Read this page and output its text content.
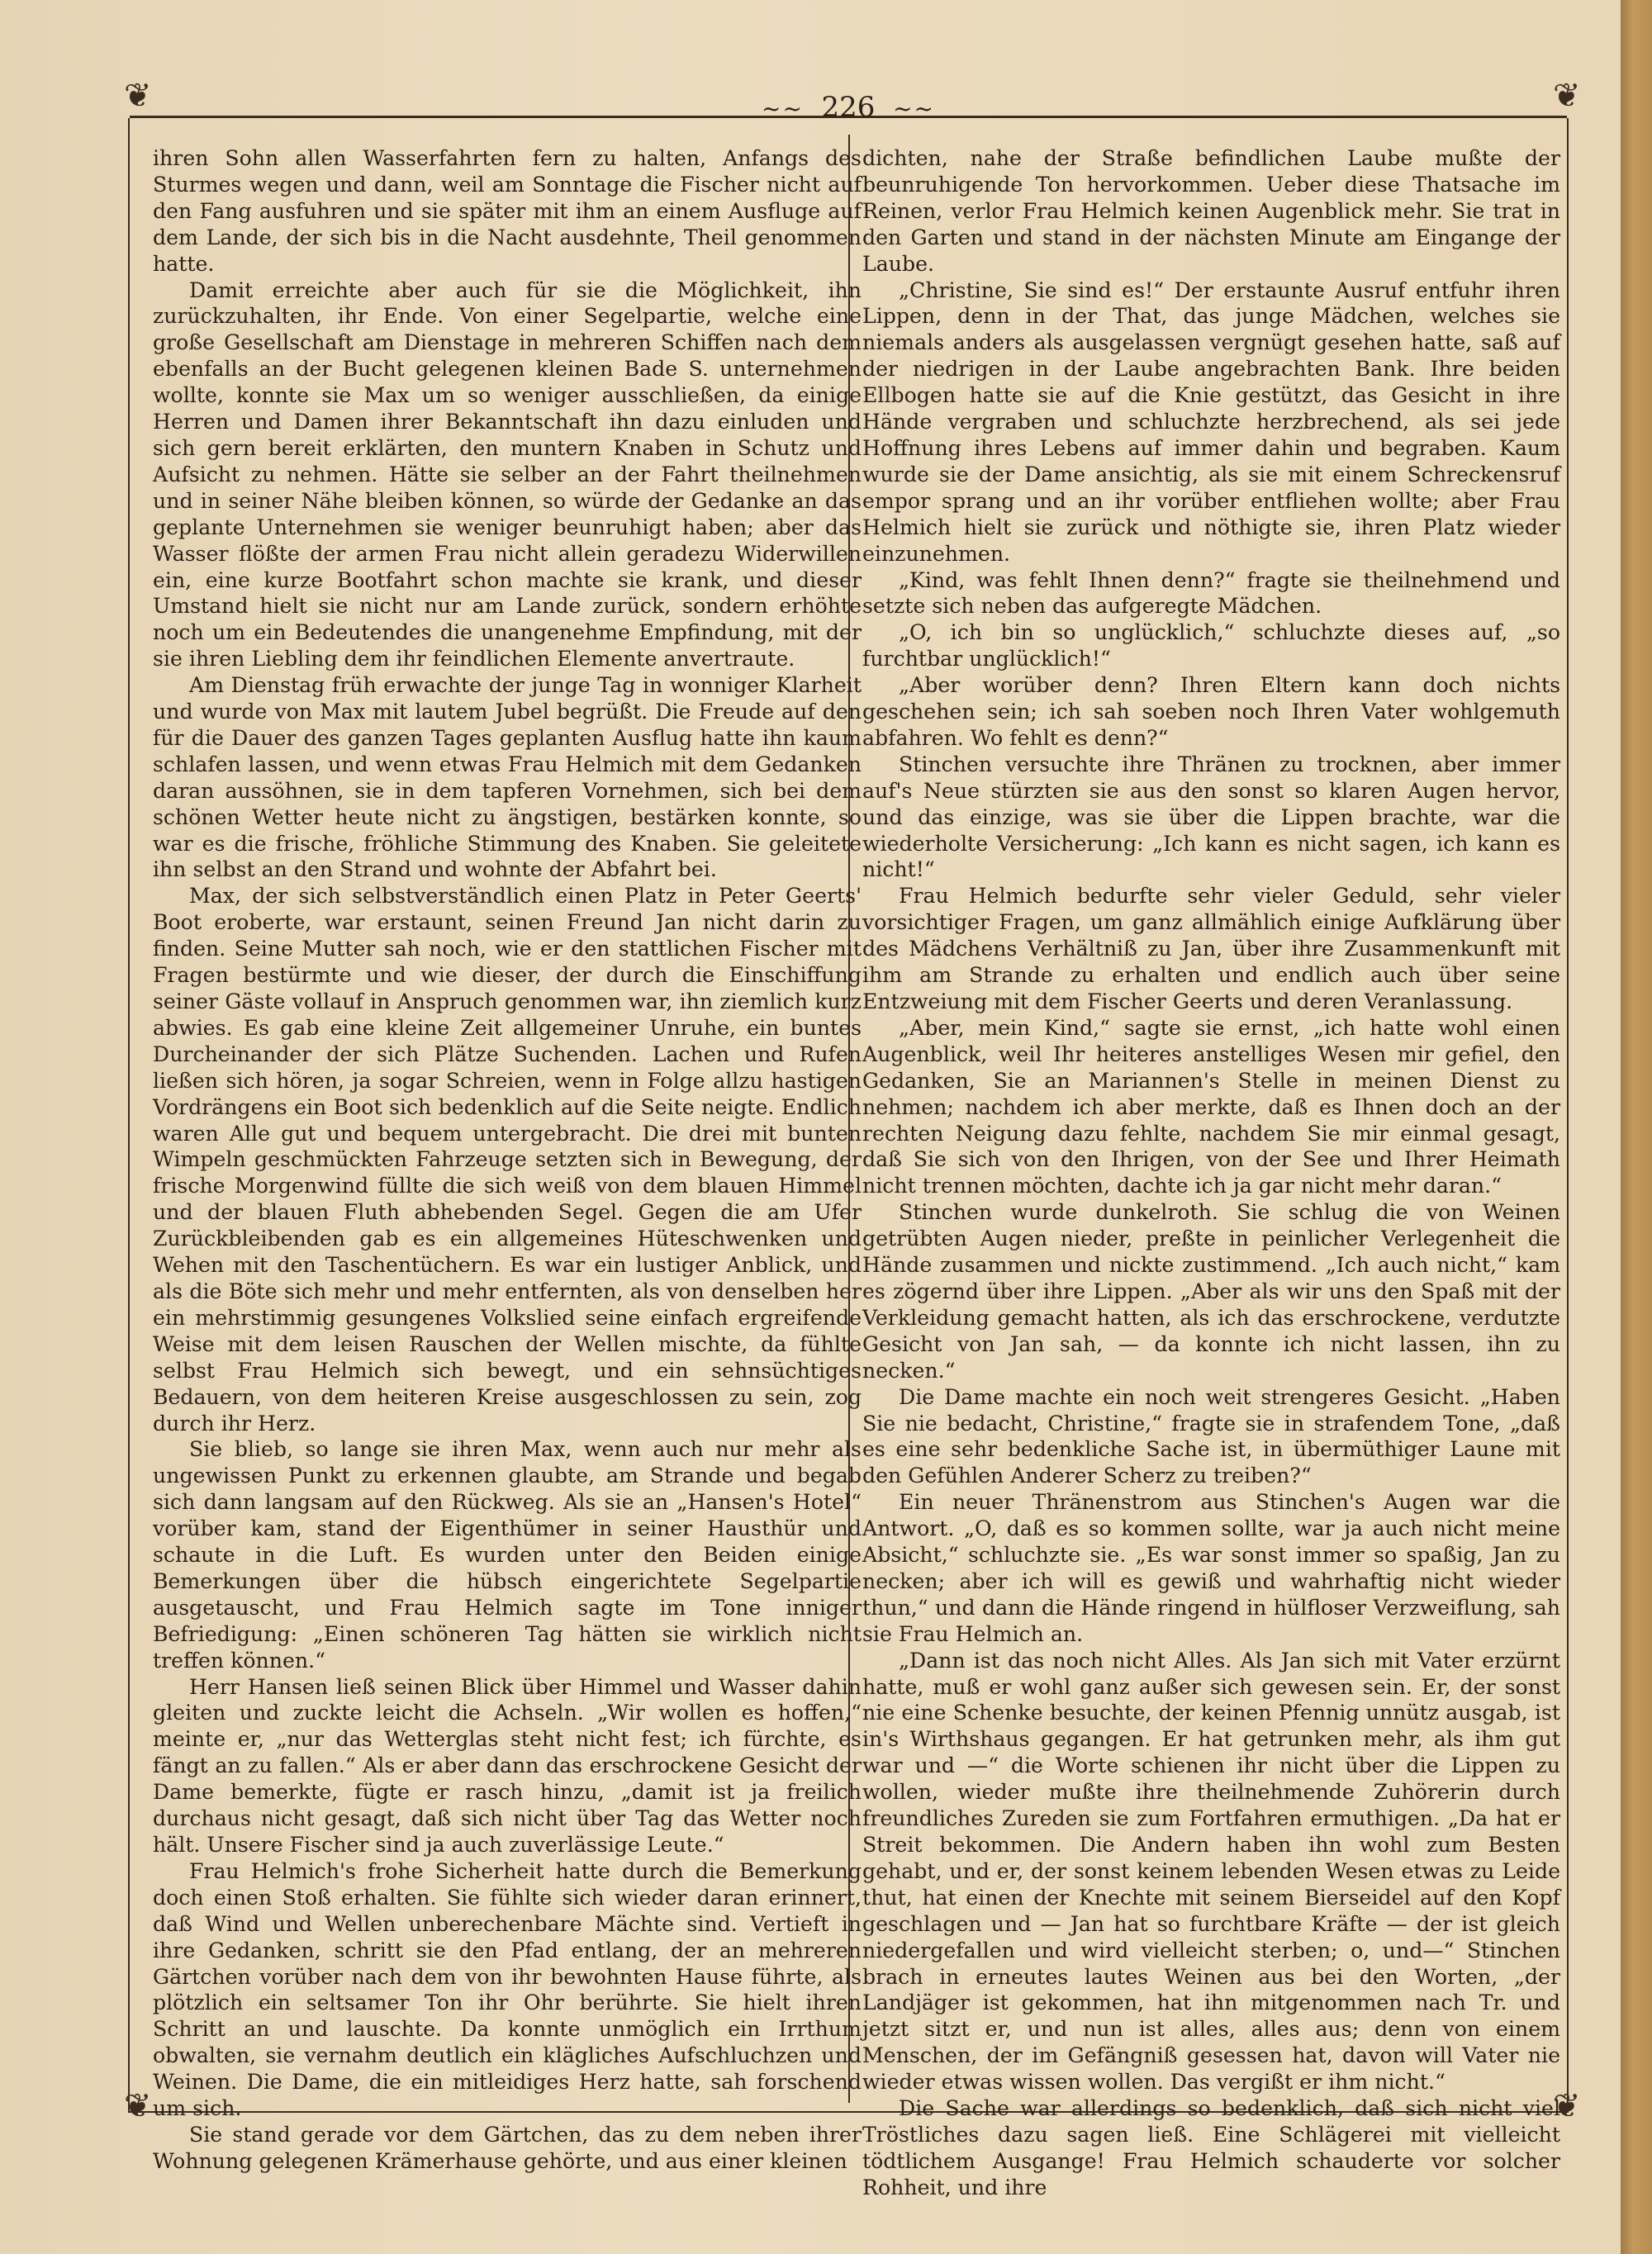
❦	❦
❦	❦
~~ 226 ~~

ihren Sohn allen Wasserfahrten fern zu halten, Anfangs des Sturmes wegen und dann, weil am Sonntage die Fischer nicht auf den Fang ausfuhren und sie später mit ihm an einem Ausfluge auf dem Lande, der sich bis in die Nacht ausdehnte, Theil genommen hatte.

Damit erreichte aber auch für sie die Möglichkeit, ihn zurückzuhalten, ihr Ende. Von einer Segelpartie, welche eine große Gesellschaft am Dienstage in mehreren Schiffen nach dem ebenfalls an der Bucht gelegenen kleinen Bade S. unternehmen wollte, konnte sie Max um so weniger ausschließen, da einige Herren und Damen ihrer Bekanntschaft ihn dazu einluden und sich gern bereit erklärten, den muntern Knaben in Schutz und Aufsicht zu nehmen. Hätte sie selber an der Fahrt theilnehmen und in seiner Nähe bleiben können, so würde der Gedanke an das geplante Unternehmen sie weniger beunruhigt haben; aber das Wasser flößte der armen Frau nicht allein geradezu Widerwillen ein, eine kurze Bootfahrt schon machte sie krank, und dieser Umstand hielt sie nicht nur am Lande zurück, sondern erhöhte noch um ein Bedeutendes die unangenehme Empfindung, mit der sie ihren Liebling dem ihr feindlichen Elemente anvertraute.

Am Dienstag früh erwachte der junge Tag in wonniger Klarheit und wurde von Max mit lautem Jubel begrüßt. Die Freude auf den für die Dauer des ganzen Tages geplanten Ausflug hatte ihn kaum schlafen lassen, und wenn etwas Frau Helmich mit dem Gedanken daran aussöhnen, sie in dem tapferen Vornehmen, sich bei dem schönen Wetter heute nicht zu ängstigen, bestärken konnte, so war es die frische, fröhliche Stimmung des Knaben. Sie geleitete ihn selbst an den Strand und wohnte der Abfahrt bei.

Max, der sich selbstverständlich einen Platz in Peter Geerts' Boot eroberte, war erstaunt, seinen Freund Jan nicht darin zu finden. Seine Mutter sah noch, wie er den stattlichen Fischer mit Fragen bestürmte und wie dieser, der durch die Einschiffung seiner Gäste vollauf in Anspruch genommen war, ihn ziemlich kurz abwies. Es gab eine kleine Zeit allgemeiner Unruhe, ein buntes Durcheinander der sich Plätze Suchenden. Lachen und Rufen ließen sich hören, ja sogar Schreien, wenn in Folge allzu hastigen Vordrängens ein Boot sich bedenklich auf die Seite neigte. Endlich waren Alle gut und bequem untergebracht. Die drei mit bunten Wimpeln geschmückten Fahrzeuge setzten sich in Bewegung, der frische Morgenwind füllte die sich weiß von dem blauen Himmel und der blauen Fluth abhebenden Segel. Gegen die am Ufer Zurückbleibenden gab es ein allgemeines Hüteschwenken und Wehen mit den Taschentüchern. Es war ein lustiger Anblick, und als die Böte sich mehr und mehr entfernten, als von denselben her ein mehrstimmig gesungenes Volkslied seine einfach ergreifende Weise mit dem leisen Rauschen der Wellen mischte, da fühlte selbst Frau Helmich sich bewegt, und ein sehnsüchtiges Bedauern, von dem heiteren Kreise ausgeschlossen zu sein, zog durch ihr Herz.

Sie blieb, so lange sie ihren Max, wenn auch nur mehr als ungewissen Punkt zu erkennen glaubte, am Strande und begab sich dann langsam auf den Rückweg. Als sie an „Hansen's Hotel“ vorüber kam, stand der Eigenthümer in seiner Hausthür und schaute in die Luft. Es wurden unter den Beiden einige Bemerkungen über die hübsch eingerichtete Segelpartie ausgetauscht, und Frau Helmich sagte im Tone inniger Befriedigung: „Einen schöneren Tag hätten sie wirklich nicht treffen können.“

Herr Hansen ließ seinen Blick über Himmel und Wasser dahin gleiten und zuckte leicht die Achseln. „Wir wollen es hoffen,“ meinte er, „nur das Wetterglas steht nicht fest; ich fürchte, es fängt an zu fallen.“ Als er aber dann das erschrockene Gesicht der Dame bemerkte, fügte er rasch hinzu, „damit ist ja freilich durchaus nicht gesagt, daß sich nicht über Tag das Wetter noch hält. Unsere Fischer sind ja auch zuverlässige Leute.“

Frau Helmich's frohe Sicherheit hatte durch die Bemerkung doch einen Stoß erhalten. Sie fühlte sich wieder daran erinnert, daß Wind und Wellen unberechenbare Mächte sind. Vertieft in ihre Gedanken, schritt sie den Pfad entlang, der an mehreren Gärtchen vorüber nach dem von ihr bewohnten Hause führte, als plötzlich ein seltsamer Ton ihr Ohr berührte. Sie hielt ihren Schritt an und lauschte. Da konnte unmöglich ein Irrthum obwalten, sie vernahm deutlich ein klägliches Aufschluchzen und Weinen. Die Dame, die ein mitleidiges Herz hatte, sah forschend um sich.

Sie stand gerade vor dem Gärtchen, das zu dem neben ihrer Wohnung gelegenen Krämerhause gehörte, und aus einer kleinen

dichten, nahe der Straße befindlichen Laube mußte der beunruhigende Ton hervorkommen. Ueber diese Thatsache im Reinen, verlor Frau Helmich keinen Augenblick mehr. Sie trat in den Garten und stand in der nächsten Minute am Eingange der Laube.

„Christine, Sie sind es!“ Der erstaunte Ausruf entfuhr ihren Lippen, denn in der That, das junge Mädchen, welches sie niemals anders als ausgelassen vergnügt gesehen hatte, saß auf der niedrigen in der Laube angebrachten Bank. Ihre beiden Ellbogen hatte sie auf die Knie gestützt, das Gesicht in ihre Hände vergraben und schluchzte herzbrechend, als sei jede Hoffnung ihres Lebens auf immer dahin und begraben. Kaum wurde sie der Dame ansichtig, als sie mit einem Schreckensruf empor sprang und an ihr vorüber entfliehen wollte; aber Frau Helmich hielt sie zurück und nöthigte sie, ihren Platz wieder einzunehmen.

„Kind, was fehlt Ihnen denn?“ fragte sie theilnehmend und setzte sich neben das aufgeregte Mädchen.

„O, ich bin so unglücklich,“ schluchzte dieses auf, „so furchtbar unglücklich!“

„Aber worüber denn? Ihren Eltern kann doch nichts geschehen sein; ich sah soeben noch Ihren Vater wohlgemuth abfahren. Wo fehlt es denn?“

Stinchen versuchte ihre Thränen zu trocknen, aber immer auf's Neue stürzten sie aus den sonst so klaren Augen hervor, und das einzige, was sie über die Lippen brachte, war die wiederholte Versicherung: „Ich kann es nicht sagen, ich kann es nicht!“

Frau Helmich bedurfte sehr vieler Geduld, sehr vieler vorsichtiger Fragen, um ganz allmählich einige Aufklärung über des Mädchens Verhältniß zu Jan, über ihre Zusammenkunft mit ihm am Strande zu erhalten und endlich auch über seine Entzweiung mit dem Fischer Geerts und deren Veranlassung.

„Aber, mein Kind,“ sagte sie ernst, „ich hatte wohl einen Augenblick, weil Ihr heiteres anstelliges Wesen mir gefiel, den Gedanken, Sie an Mariannen's Stelle in meinen Dienst zu nehmen; nachdem ich aber merkte, daß es Ihnen doch an der rechten Neigung dazu fehlte, nachdem Sie mir einmal gesagt, daß Sie sich von den Ihrigen, von der See und Ihrer Heimath nicht trennen möchten, dachte ich ja gar nicht mehr daran.“

Stinchen wurde dunkelroth. Sie schlug die von Weinen getrübten Augen nieder, preßte in peinlicher Verlegenheit die Hände zusammen und nickte zustimmend. „Ich auch nicht,“ kam es zögernd über ihre Lippen. „Aber als wir uns den Spaß mit der Verkleidung gemacht hatten, als ich das erschrockene, verdutzte Gesicht von Jan sah, — da konnte ich nicht lassen, ihn zu necken.“

Die Dame machte ein noch weit strengeres Gesicht. „Haben Sie nie bedacht, Christine,“ fragte sie in strafendem Tone, „daß es eine sehr bedenkliche Sache ist, in übermüthiger Laune mit den Gefühlen Anderer Scherz zu treiben?“

Ein neuer Thränenstrom aus Stinchen's Augen war die Antwort. „O, daß es so kommen sollte, war ja auch nicht meine Absicht,“ schluchzte sie. „Es war sonst immer so spaßig, Jan zu necken; aber ich will es gewiß und wahrhaftig nicht wieder thun,“ und dann die Hände ringend in hülfloser Verzweiflung, sah sie Frau Helmich an.

„Dann ist das noch nicht Alles. Als Jan sich mit Vater erzürnt hatte, muß er wohl ganz außer sich gewesen sein. Er, der sonst nie eine Schenke besuchte, der keinen Pfennig unnütz ausgab, ist in's Wirthshaus gegangen. Er hat getrunken mehr, als ihm gut war und —“ die Worte schienen ihr nicht über die Lippen zu wollen, wieder mußte ihre theilnehmende Zuhörerin durch freundliches Zureden sie zum Fortfahren ermuthigen. „Da hat er Streit bekommen. Die Andern haben ihn wohl zum Besten gehabt, und er, der sonst keinem lebenden Wesen etwas zu Leide thut, hat einen der Knechte mit seinem Bierseidel auf den Kopf geschlagen und — Jan hat so furchtbare Kräfte — der ist gleich niedergefallen und wird vielleicht sterben; o, und—“ Stinchen brach in erneutes lautes Weinen aus bei den Worten, „der Landjäger ist gekommen, hat ihn mitgenommen nach Tr. und jetzt sitzt er, und nun ist alles, alles aus; denn von einem Menschen, der im Gefängniß gesessen hat, davon will Vater nie wieder etwas wissen wollen. Das vergißt er ihm nicht.“

Die Sache war allerdings so bedenklich, daß sich nicht viel Tröstliches dazu sagen ließ. Eine Schlägerei mit vielleicht tödtlichem Ausgange! Frau Helmich schauderte vor solcher Rohheit, und ihre
